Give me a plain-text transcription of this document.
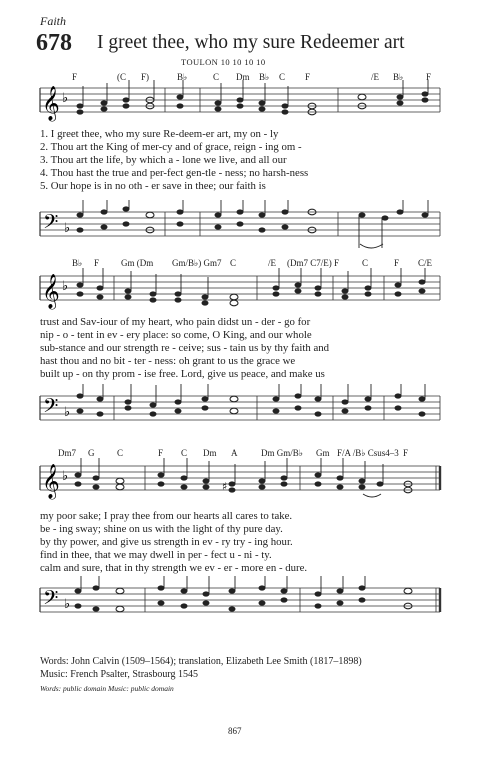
Faith
678 I greet thee, who my sure Redeemer art
TOULON 10 10 10 10
F	(C F)	B♭	C Dm B♭ C F	/E B♭	F
𝄞 ♭
1. I greet thee, who my sure Re-deem-er art, my on - ly
2. Thou art the King of mer-cy and of grace, reign - ing om -
3. Thou art the life, by which a - lone we live, and all our
4. Thou hast the true and per-fect gen-tle - ness; no harsh-ness
5. Our hope is in no oth - er save in thee; our faith is
𝄢 ♭
B♭ F Gm (Dm Gm/B♭) Gm7 C	/E (Dm7 C7/E) F	C	F C/E
𝄞 ♭
trust and Sav-iour of my heart, who pain didst un - der - go for
nip - o - tent in ev - ery place: so come, O King, and our whole
sub-stance and our strength re - ceive; sus - tain us by thy faith and
hast thou and no bit - ter - ness: oh grant to us the grace we
built up - on thy prom - ise free. Lord, give us peace, and make us
𝄢 ♭
Dm7 G	C	F C Dm A	Dm Gm/B♭ Gm F/A /B♭ Csus4–3 F
𝄞 ♭
♯
my poor sake; I pray thee from our hearts all cares to take.
be - ing sway; shine on us with the light of thy pure day.
by thy power, and give us strength in ev - ry try - ing hour.
find in thee, that we may dwell in per - fect u - ni - ty.
calm and sure, that in thy strength we ev - er - more en - dure.
𝄢 ♭
Words: John Calvin (1509–1564); translation, Elizabeth Lee Smith (1817–1898)
Music: French Psalter, Strasbourg 1545
Words: public domain Music: public domain
867
